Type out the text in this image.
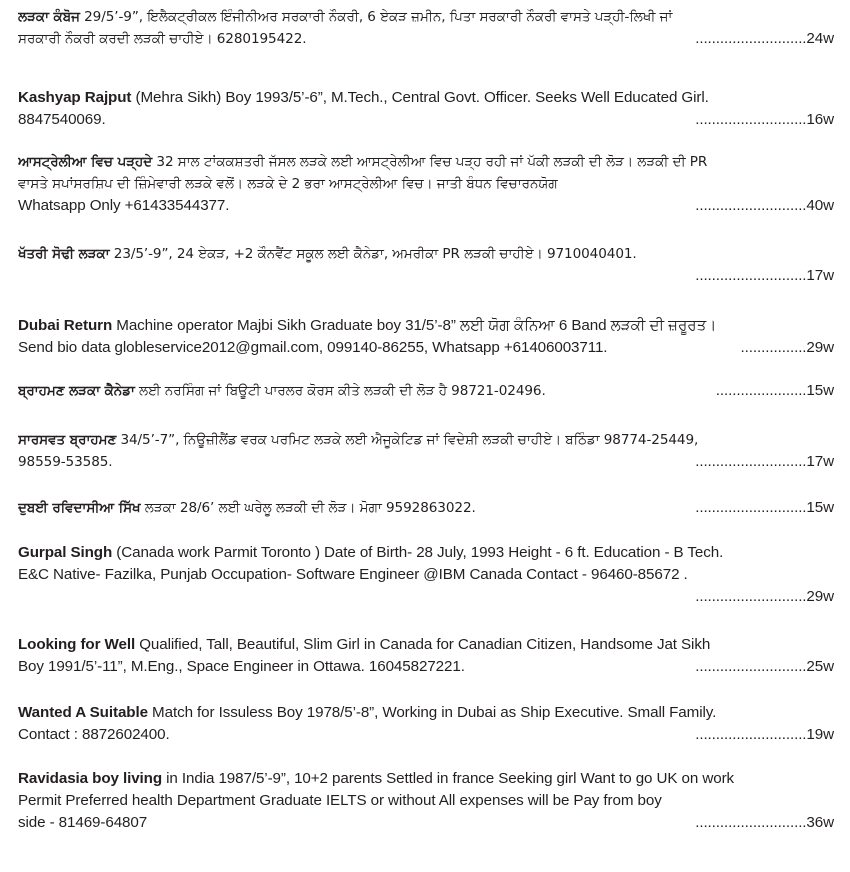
ਲੜਕਾ ਕੰਬੋਜ 29/5’-9”, ਇਲੈਕਟ੍ਰੀਕਲ ਇੰਜੀਨੀਅਰ ਸਰਕਾਰੀ ਨੌਕਰੀ, 6 ਏਕੜ ਜ਼ਮੀਨ, ਪਿਤਾ ਸਰਕਾਰੀ ਨੌਕਰੀ ਵਾਸਤੇ ਪੜ੍ਹੀ-ਲਿਖੀ ਜਾਂ
ਸਰਕਾਰੀ ਨੌਕਰੀ ਕਰਦੀ ਲੜਕੀ ਚਾਹੀਏ। 6280195422.	...........................24w
Kashyap Rajput (Mehra Sikh) Boy 1993/5’-6”, M.Tech., Central Govt. Officer. Seeks Well Educated Girl.
8847540069.	...........................16w
ਆਸਟ੍ਰੇਲੀਆ ਵਿਚ ਪੜ੍ਹਦੇ 32 ਸਾਲ ਟਾਂਕਕਸ਼ਤਰੀ ਜੱਸਲ ਲੜਕੇ ਲਈ ਆਸਟ੍ਰੇਲੀਆ ਵਿਚ ਪੜ੍ਹ ਰਹੀ ਜਾਂ ਪੱਕੀ ਲੜਕੀ ਦੀ ਲੋੜ। ਲੜਕੀ ਦੀ PR
ਵਾਸਤੇ ਸਪਾਂਸਰਸ਼ਿਪ ਦੀ ਜ਼ਿੰਮੇਵਾਰੀ ਲੜਕੇ ਵਲੋਂ। ਲੜਕੇ ਦੇ 2 ਭਰਾ ਆਸਟ੍ਰੇਲੀਆ ਵਿਚ। ਜਾਤੀ ਬੰਧਨ ਵਿਚਾਰਨਯੋਗ
Whatsapp Only +61433544377.	...........................40w
ਖੱਤਰੀ ਸੋਢੀ ਲੜਕਾ 23/5’-9”, 24 ਏਕੜ, +2 ਕੌਨਵੈਂਟ ਸਕੂਲ ਲਈ ਕੈਨੇਡਾ, ਅਮਰੀਕਾ PR ਲੜਕੀ ਚਾਹੀਏ। 9710040401.
...........................17w
Dubai Return Machine operator Majbi Sikh Graduate boy 31/5’-8” ਲਈ ਯੋਗ ਕੰਨਿਆ 6 Band ਲੜਕੀ ਦੀ ਜ਼ਰੂਰਤ।
Send bio data globleservice2012@gmail.com, 099140-86255, Whatsapp +61406003711.	................29w
ਬ੍ਰਾਹਮਣ ਲੜਕਾ ਕੈਨੇਡਾ ਲਈ ਨਰਸਿੰਗ ਜਾਂ ਬਿਊਟੀ ਪਾਰਲਰ ਕੋਰਸ ਕੀਤੇ ਲੜਕੀ ਦੀ ਲੋੜ ਹੈ 98721-02496.	......................15w
ਸਾਰਸਵਤ ਬ੍ਰਾਹਮਣ 34/5’-7”, ਨਿਊਜ਼ੀਲੈਂਡ ਵਰਕ ਪਰਮਿਟ ਲੜਕੇ ਲਈ ਐਜੂਕੇਟਿਡ ਜਾਂ ਵਿਦੇਸ਼ੀ ਲੜਕੀ ਚਾਹੀਏ। ਬਠਿੰਡਾ 98774-25449,
98559-53585.	...........................17w
ਦੁਬਈ ਰਵਿਦਾਸੀਆ ਸਿੱਖ ਲੜਕਾ 28/6’ ਲਈ ਘਰੇਲੂ ਲੜਕੀ ਦੀ ਲੋੜ। ਮੋਗਾ 9592863022.	...........................15w
Gurpal Singh (Canada work Parmit Toronto ) Date of Birth- 28 July, 1993 Height - 6 ft. Education - B Tech.
E&C Native- Fazilka, Punjab Occupation- Software Engineer @IBM Canada Contact - 96460-85672 .
...........................29w
Looking for Well Qualified, Tall, Beautiful, Slim Girl in Canada for Canadian Citizen, Handsome Jat Sikh
Boy 1991/5’-11”, M.Eng., Space Engineer in Ottawa. 16045827221.	...........................25w
Wanted A Suitable Match for Issuless Boy 1978/5’-8”, Working in Dubai as Ship Executive. Small Family.
Contact : 8872602400.	...........................19w
Ravidasia boy living in India 1987/5’-9”, 10+2 parents Settled in france Seeking girl Want to go UK on work
Permit Preferred health Department Graduate IELTS or without All expenses will be Pay from boy
side - 81469-64807	...........................36w
